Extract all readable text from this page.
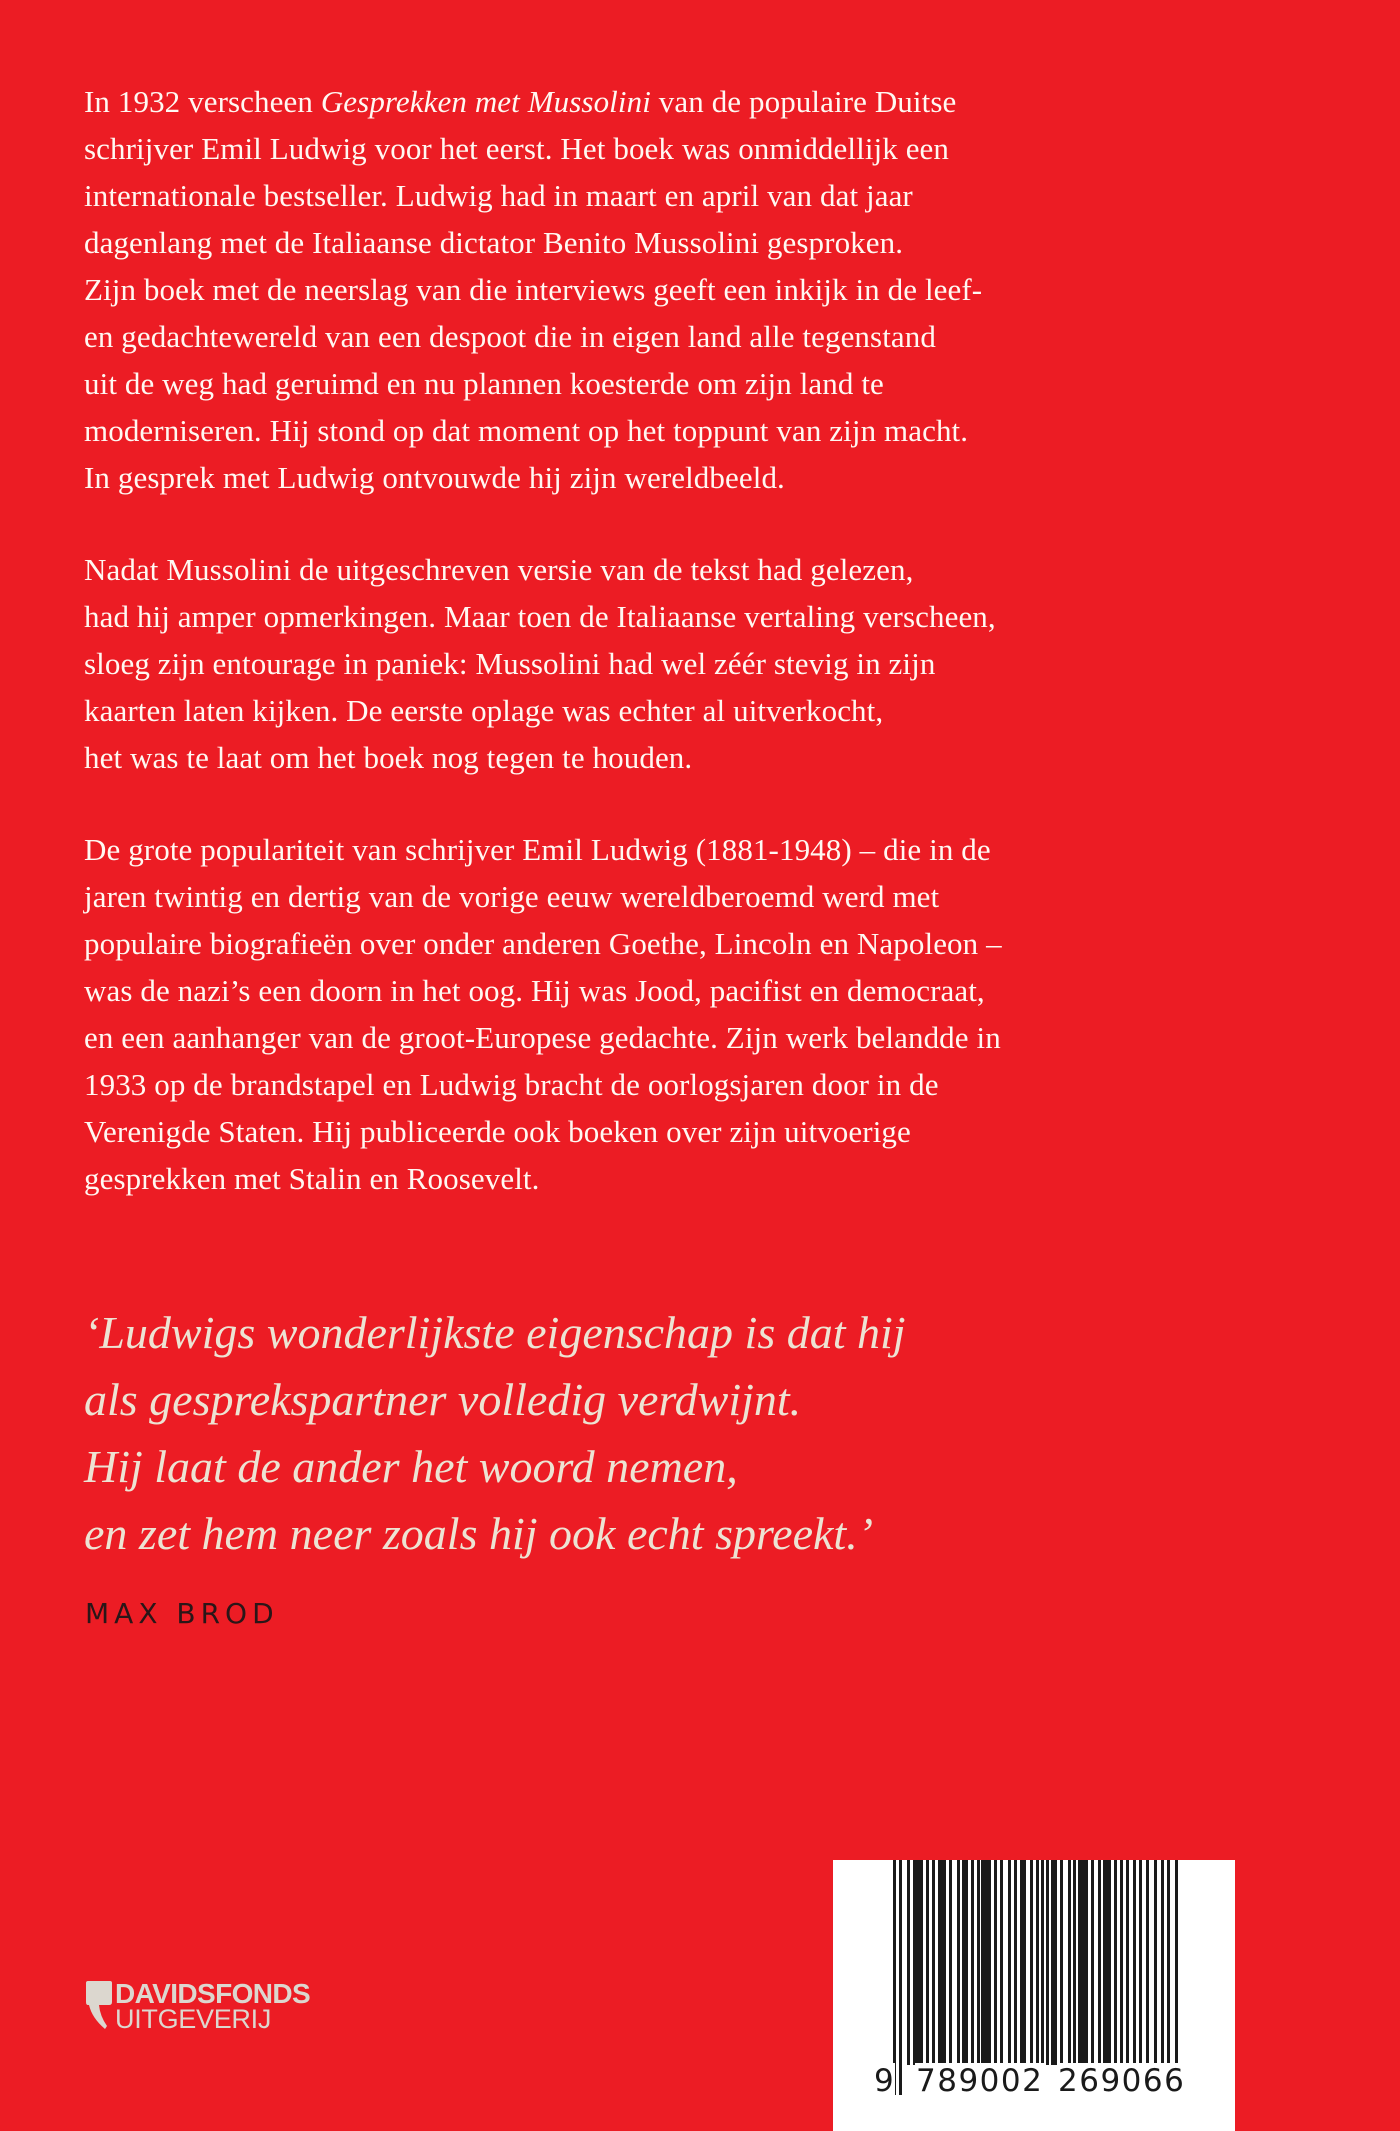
In 1932 verscheen Gesprekken met Mussolini van de populaire Duitse
schrijver Emil Ludwig voor het eerst. Het boek was onmiddellijk een
internationale bestseller. Ludwig had in maart en april van dat jaar
dagenlang met de Italiaanse dictator Benito Mussolini gesproken.
Zijn boek met de neerslag van die interviews geeft een inkijk in de leef-
en gedachtewereld van een despoot die in eigen land alle tegenstand
uit de weg had geruimd en nu plannen koesterde om zijn land te
moderniseren. Hij stond op dat moment op het toppunt van zijn macht.
In gesprek met Ludwig ontvouwde hij zijn wereldbeeld.
Nadat Mussolini de uitgeschreven versie van de tekst had gelezen,
had hij amper opmerkingen. Maar toen de Italiaanse vertaling verscheen,
sloeg zijn entourage in paniek: Mussolini had wel zéér stevig in zijn
kaarten laten kijken. De eerste oplage was echter al uitverkocht,
het was te laat om het boek nog tegen te houden.
De grote populariteit van schrijver Emil Ludwig (1881-1948) – die in de
jaren twintig en dertig van de vorige eeuw wereldberoemd werd met
populaire biografieën over onder anderen Goethe, Lincoln en Napoleon –
was de nazi’s een doorn in het oog. Hij was Jood, pacifist en democraat,
en een aanhanger van de groot-Europese gedachte. Zijn werk belandde in
1933 op de brandstapel en Ludwig bracht de oorlogsjaren door in de
Verenigde Staten. Hij publiceerde ook boeken over zijn uitvoerige
gesprekken met Stalin en Roosevelt.
‘Ludwigs wonderlijkste eigenschap is dat hij
als gesprekspartner volledig verdwijnt.
Hij laat de ander het woord nemen,
en zet hem neer zoals hij ook echt spreekt.’
MAX BROD
DAVIDSFONDS
UITGEVERIJ
9 789002 269066
